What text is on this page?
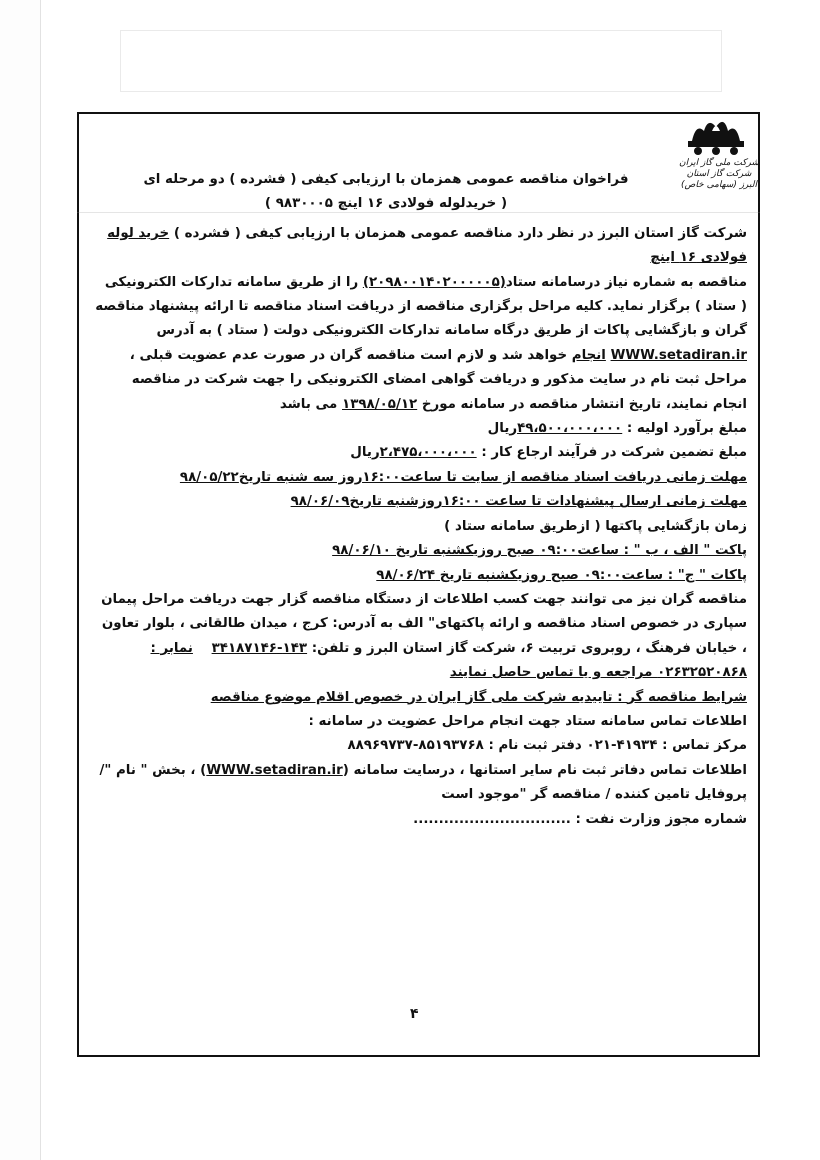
شرکت ملی گاز ایران
شرکت گاز استان البرز (سهامی خاص)

فراخوان مناقصه عمومی همزمان با ارزیابی کیفی ( فشرده ) دو مرحله ای

( خریدلوله فولادی ۱۶ اینچ ۹۸۳۰۰۰۵ )

شرکت گاز استان البرز در نظر دارد مناقصه عمومی همزمان با ارزیابی کیفی ( فشرده ) خرید لوله فولادی ۱۶ اینچ

مناقصه به شماره نیاز درسامانه ستاد(۲۰۹۸۰۰۱۴۰۲۰۰۰۰۰۵) را از طریق سامانه تدارکات الکترونیکی ( ستاد ) برگزار نماید. کلیه مراحل برگزاری مناقصه از دریافت اسناد مناقصه تا ارائه پیشنهاد مناقصه گران و بازگشایی پاکات از طریق درگاه سامانه تدارکات الکترونیکی دولت ( ستاد ) به آدرس WWW.setadiran.ir انجام خواهد شد و لازم است مناقصه گران در صورت عدم عضویت قبلی ، مراحل ثبت نام در سایت مذکور و دریافت گواهی امضای الکترونیکی را جهت شرکت در مناقصه انجام نمایند، تاریخ انتشار مناقصه در سامانه مورخ ۱۳۹۸/۰۵/۱۲ می باشد

مبلغ برآورد اولیه : ۴۹،۵۰۰،۰۰۰،۰۰۰ریال

مبلغ تضمین شرکت در فرآیند ارجاع کار : ۲،۴۷۵،۰۰۰،۰۰۰ریال

مهلت زمانی دریافت اسناد مناقصه از سایت تا ساعت۱۶:۰۰روز سه شنبه تاریخ۹۸/۰۵/۲۲

مهلت زمانی ارسال پیشنهادات تا ساعت ۱۶:۰۰روزشنبه تاریخ۹۸/۰۶/۰۹

زمان بازگشایی پاکتها ( ازطریق سامانه ستاد )

پاکت " الف ، ب " : ساعت۰۹:۰۰ صبح روزیکشنبه تاریخ ۹۸/۰۶/۱۰

پاکات " ج" : ساعت۰۹:۰۰ صبح روزیکشنبه تاریخ ۹۸/۰۶/۲۴

مناقصه گران نیز می توانند جهت کسب اطلاعات از دستگاه مناقصه گزار جهت دریافت مراحل پیمان سپاری در خصوص اسناد مناقصه و ارائه پاکتهای" الف به آدرس: کرج ، میدان طالقانی ، بلوار تعاون ، خیابان فرهنگ ، روبروی تربیت ۶، شرکت گاز استان البرز و تلفن: ۱۴۳-۳۴۱۸۷۱۴۶    نمابر : ۰۲۶۳۲۵۲۰۸۶۸ مراجعه و یا تماس حاصل نمایند

شرایط مناقصه گر : تاییدیه شرکت ملی گاز ایران در خصوص اقلام موضوع مناقصه

اطلاعات تماس سامانه ستاد جهت انجام مراحل عضویت در سامانه :

مرکز تماس : ۴۱۹۳۴-۰۲۱ دفتر ثبت نام : ۸۵۱۹۳۷۶۸-۸۸۹۶۹۷۳۷

اطلاعات تماس دفاتر ثبت نام سایر استانها ، درسایت سامانه (WWW.setadiran.ir) ، بخش " نام "/ پروفایل تامین کننده / مناقصه گر "موجود است

شماره مجوز وزارت نفت : ...............................

۴
